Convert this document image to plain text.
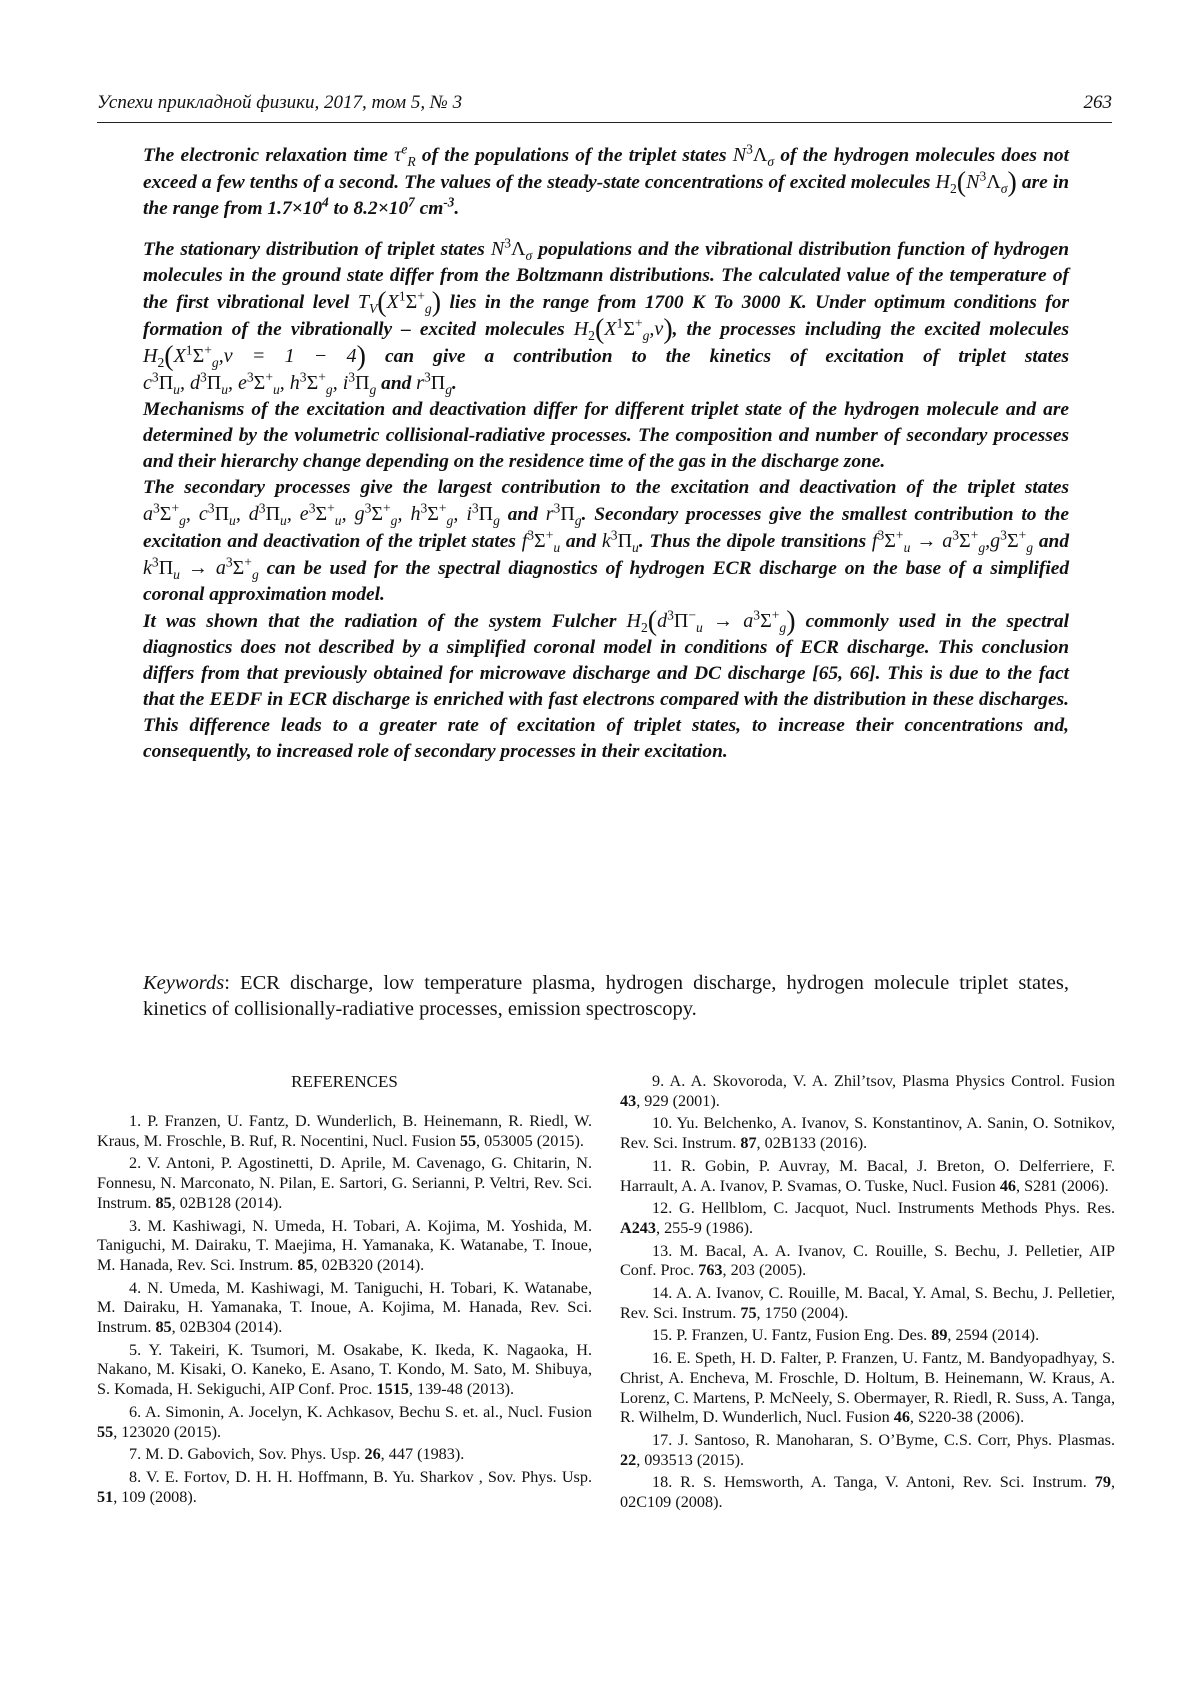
Успехи прикладной физики, 2017, том 5, № 3	263

The electronic relaxation time $\tau^e_R$ of the populations of the triplet states $N^3\Lambda_\sigma$ of the hydrogen molecules does not exceed a few tenths of a second. The values of the steady-state concentrations of excited molecules $H_2(N^3\Lambda_\sigma)$ are in the range from $1.7\times 10^4$ to $8.2\times 10^7$ $cm^{-3}$.

The stationary distribution of triplet states $N^3\Lambda_\sigma$ populations and the vibrational distribution function of hydrogen molecules in the ground state differ from the Boltzmann distributions. The calculated value of the temperature of the first vibrational level $T_V(X^1\Sigma^+_g)$ lies in the range from 1700 K To 3000 K. Under optimum conditions for formation of the vibrationally – excited molecules $H_2(X^1\Sigma^+_g,v)$, the processes including the excited molecules $H_2(X^1\Sigma^+_g,v = 1 - 4)$ can give a contribution to the kinetics of excitation of triplet states $c^3\Pi_u$, $d^3\Pi_u$, $e^3\Sigma^+_u$, $h^3\Sigma^+_g$, $i^3\Pi_g$ and $r^3\Pi_g$.

Mechanisms of the excitation and deactivation differ for different triplet state of the hydrogen molecule and are determined by the volumetric collisional-radiative processes. The composition and number of secondary processes and their hierarchy change depending on the residence time of the gas in the discharge zone.

The secondary processes give the largest contribution to the excitation and deactivation of the triplet states $a^3\Sigma^+_g$, $c^3\Pi_u$, $d^3\Pi_u$, $e^3\Sigma^+_u$, $g^3\Sigma^+_g$, $h^3\Sigma^+_g$, $i^3\Pi_g$ and $r^3\Pi_g$. Secondary processes give the smallest contribution to the excitation and deactivation of the triplet states $f^3\Sigma^+_u$ and $k^3\Pi_u$. Thus the dipole transitions $f^3\Sigma^+_u \to a^3\Sigma^+_g,g^3\Sigma^+_g$ and $k^3\Pi_u \to a^3\Sigma^+_g$ can be used for the spectral diagnostics of hydrogen ECR discharge on the base of a simplified coronal approximation model.

It was shown that the radiation of the system Fulcher $H_2(d^3\Pi^-_u \to a^3\Sigma^+_g)$ commonly used in the spectral diagnostics does not described by a simplified coronal model in conditions of ECR discharge. This conclusion differs from that previously obtained for microwave discharge and DC discharge [65, 66]. This is due to the fact that the EEDF in ECR discharge is enriched with fast electrons compared with the distribution in these discharges. This difference leads to a greater rate of excitation of triplet states, to increase their concentrations and, consequently, to increased role of secondary processes in their excitation.

Keywords: ECR discharge, low temperature plasma, hydrogen discharge, hydrogen molecule triplet states, kinetics of collisionally-radiative processes, emission spectroscopy.
REFERENCES

1. P. Franzen, U. Fantz, D. Wunderlich, B. Heinemann, R. Riedl, W. Kraus, M. Froschle, B. Ruf, R. Nocentini, Nucl. Fusion 55, 053005 (2015).

2. V. Antoni, P. Agostinetti, D. Aprile, M. Cavenago, G. Chitarin, N. Fonnesu, N. Marconato, N. Pilan, E. Sartori, G. Serianni, P. Veltri, Rev. Sci. Instrum. 85, 02B128 (2014).

3. M. Kashiwagi, N. Umeda, H. Tobari, A. Kojima, M. Yoshida, M. Taniguchi, M. Dairaku, T. Maejima, H. Yamanaka, K. Watanabe, T. Inoue, M. Hanada, Rev. Sci. Instrum. 85, 02B320 (2014).

4. N. Umeda, M. Kashiwagi, M. Taniguchi, H. Tobari, K. Watanabe, M. Dairaku, H. Yamanaka, T. Inoue, A. Kojima, M. Hanada, Rev. Sci. Instrum. 85, 02B304 (2014).

5. Y. Takeiri, K. Tsumori, M. Osakabe, K. Ikeda, K. Nagaoka, H. Nakano, M. Kisaki, O. Kaneko, E. Asano, T. Kondo, M. Sato, M. Shibuya, S. Komada, H. Sekiguchi, AIP Conf. Proc. 1515, 139-48 (2013).

6. A. Simonin, A. Jocelyn, K. Achkasov, Bechu S. et. al., Nucl. Fusion 55, 123020 (2015).

7. M. D. Gabovich, Sov. Phys. Usp. 26, 447 (1983).

8. V. E. Fortov, D. H. H. Hoffmann, B. Yu. Sharkov , Sov. Phys. Usp. 51, 109 (2008).

9. A. A. Skovoroda, V. A. Zhil’tsov, Plasma Physics Control. Fusion 43, 929 (2001).

10. Yu. Belchenko, A. Ivanov, S. Konstantinov, A. Sanin, O. Sotnikov, Rev. Sci. Instrum. 87, 02B133 (2016).

11. R. Gobin, P. Auvray, M. Bacal, J. Breton, O. Delferriere, F. Harrault, A. A. Ivanov, P. Svamas, O. Tuske, Nucl. Fusion 46, S281 (2006).

12. G. Hellblom, C. Jacquot, Nucl. Instruments Methods Phys. Res. A243, 255-9 (1986).

13. M. Bacal, A. A. Ivanov, C. Rouille, S. Bechu, J. Pelletier, AIP Conf. Proc. 763, 203 (2005).

14. A. A. Ivanov, C. Rouille, M. Bacal, Y. Amal, S. Bechu, J. Pelletier, Rev. Sci. Instrum. 75, 1750 (2004).

15. P. Franzen, U. Fantz, Fusion Eng. Des. 89, 2594 (2014).

16. E. Speth, H. D. Falter, P. Franzen, U. Fantz, M. Bandyopadhyay, S. Christ, A. Encheva, M. Froschle, D. Holtum, B. Heinemann, W. Kraus, A. Lorenz, C. Martens, P. McNeely, S. Obermayer, R. Riedl, R. Suss, A. Tanga, R. Wilhelm, D. Wunderlich, Nucl. Fusion 46, S220-38 (2006).

17. J. Santoso, R. Manoharan, S. O’Byme, C.S. Corr, Phys. Plasmas. 22, 093513 (2015).

18. R. S. Hemsworth, A. Tanga, V. Antoni, Rev. Sci. Instrum. 79, 02C109 (2008).
